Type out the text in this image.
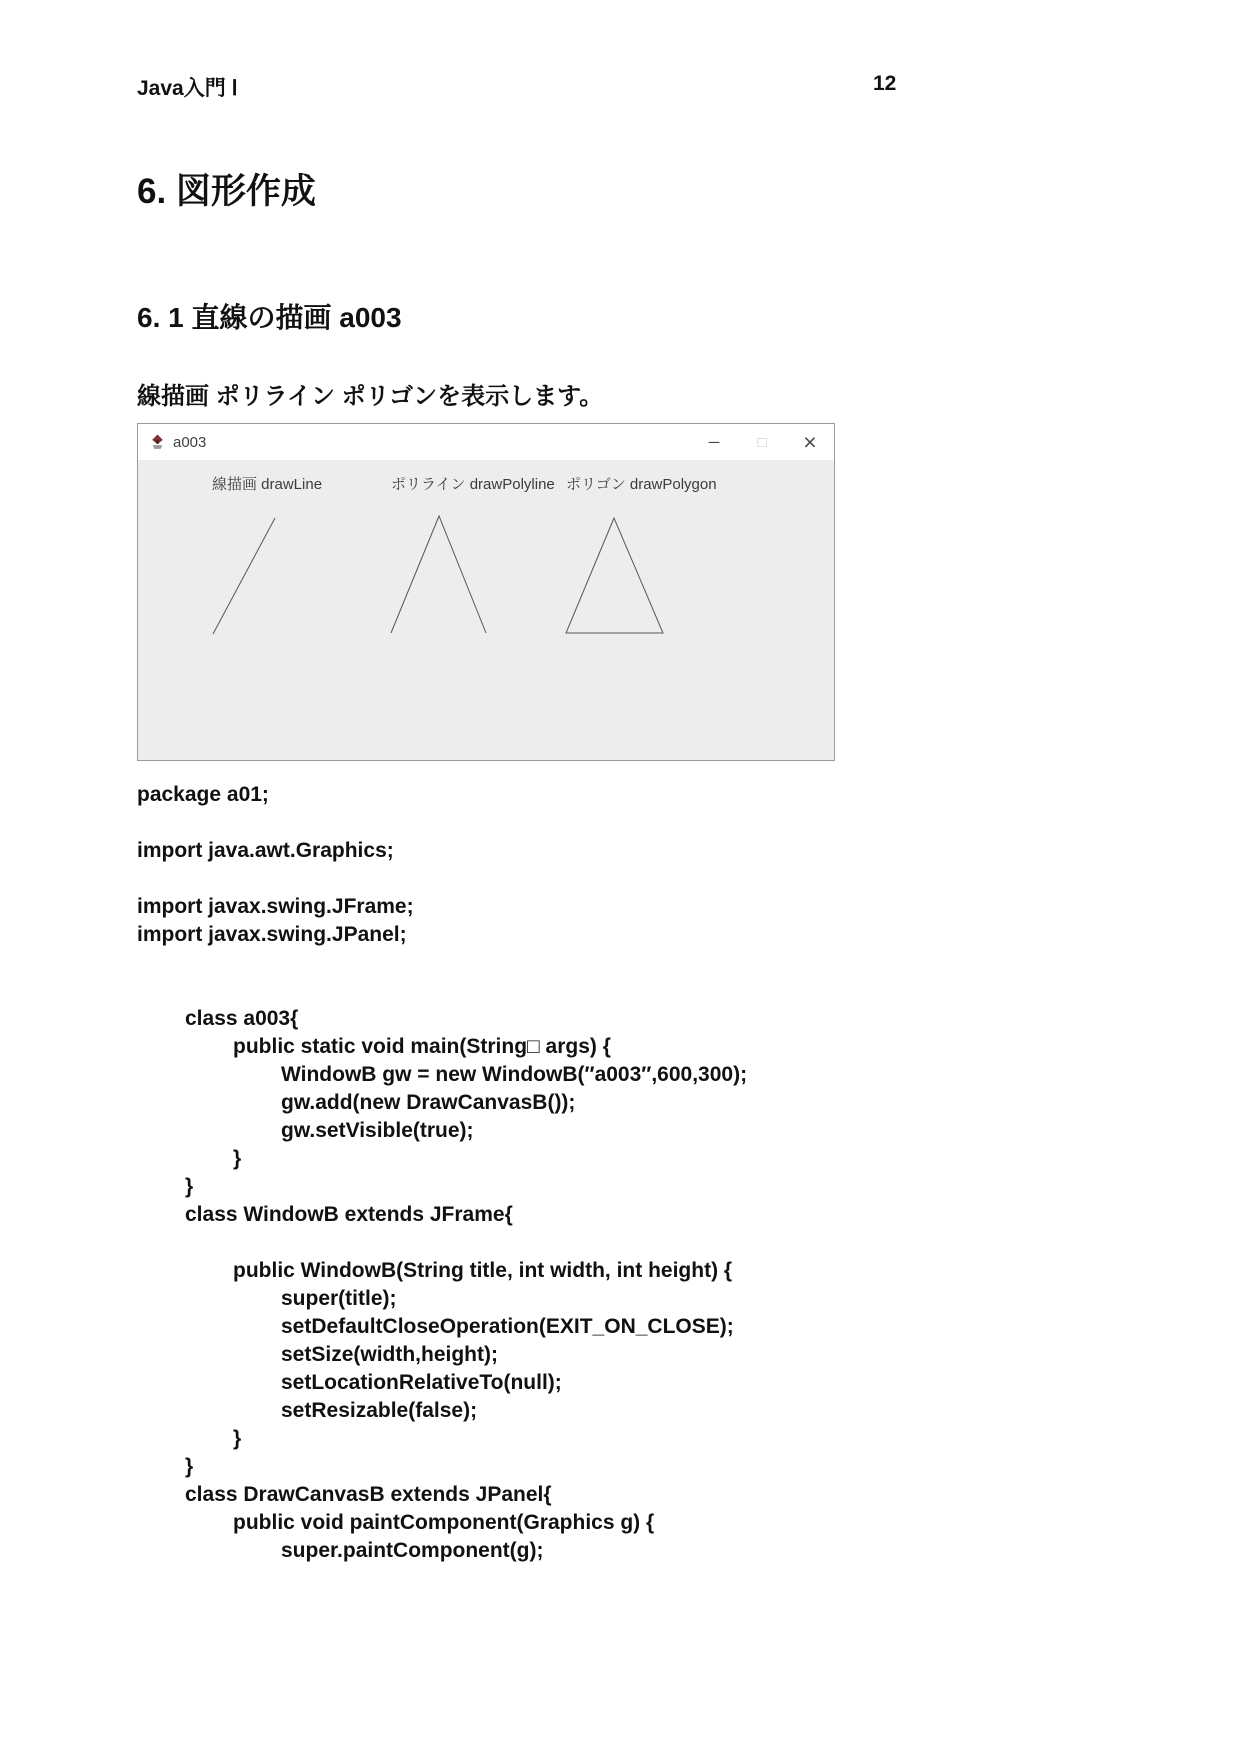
Java入門 Ⅰ	12
6. 図形作成
6. 1 直線の描画 a003
線描画 ポリライン ポリゴンを表示します。
a003	─	□ ×
線描画 drawLine	ポリライン drawPolyline ポリゴン drawPolygon
package a01;

import java.awt.Graphics;

import javax.swing.JFrame;
import javax.swing.JPanel;

class a003{
public static void main(String□ args) {
WindowB gw = new WindowB(″a003″,600,300);
gw.add(new DrawCanvasB());
gw.setVisible(true);
}
}
class WindowB extends JFrame{

public WindowB(String title, int width, int height) {
super(title);
setDefaultCloseOperation(EXIT_ON_CLOSE);
setSize(width,height);
setLocationRelativeTo(null);
setResizable(false);
}
}
class DrawCanvasB extends JPanel{
public void paintComponent(Graphics g) {
super.paintComponent(g);
